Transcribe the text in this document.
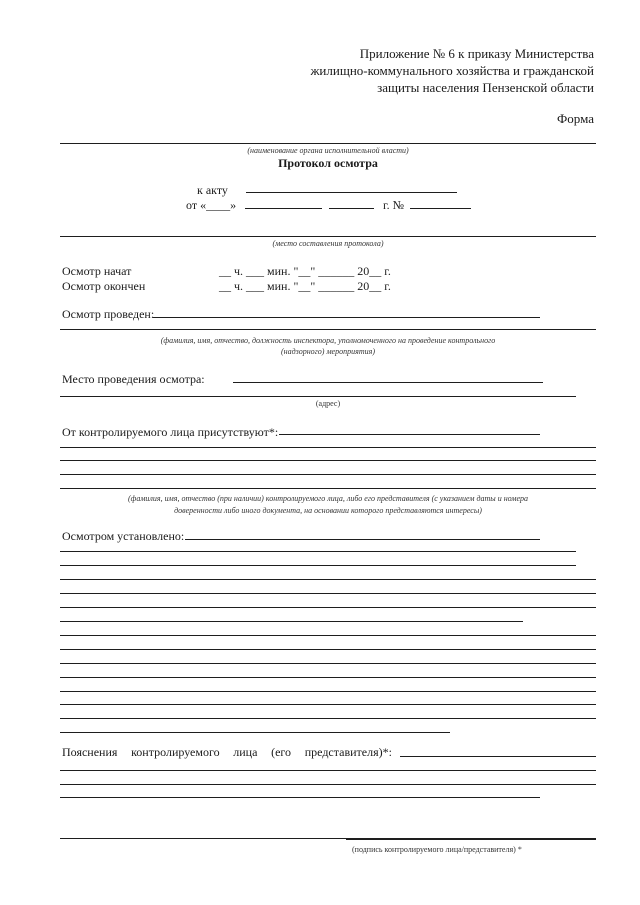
Приложение № 6 к приказу Министерства
жилищно-коммунального хозяйства и гражданской
защиты населения Пензенской области
Форма
(наименование органа исполнительной власти)
Протокол осмотра
к акту
от «____»	г. №
(место составления протокола)
Осмотр начат	__ ч. ___ мин. "__" ______ 20__ г.
Осмотр окончен	__ ч. ___ мин. "__" ______ 20__ г.
Осмотр проведен:
(фамилия, имя, отчество, должность инспектора, уполномоченного на проведение контрольного
(надзорного) мероприятия)
Место проведения осмотра:
(адрес)
От контролируемого лица присутствуют*:
(фамилия, имя, отчество (при наличии) контролируемого лица, либо его представителя (с указанием даты и номера
доверенности либо иного документа, на основании которого представляются интересы)
Осмотром установлено:
Пояснения контролируемого лица (его представителя)*:
(подпись контролируемого лица/представителя) *
